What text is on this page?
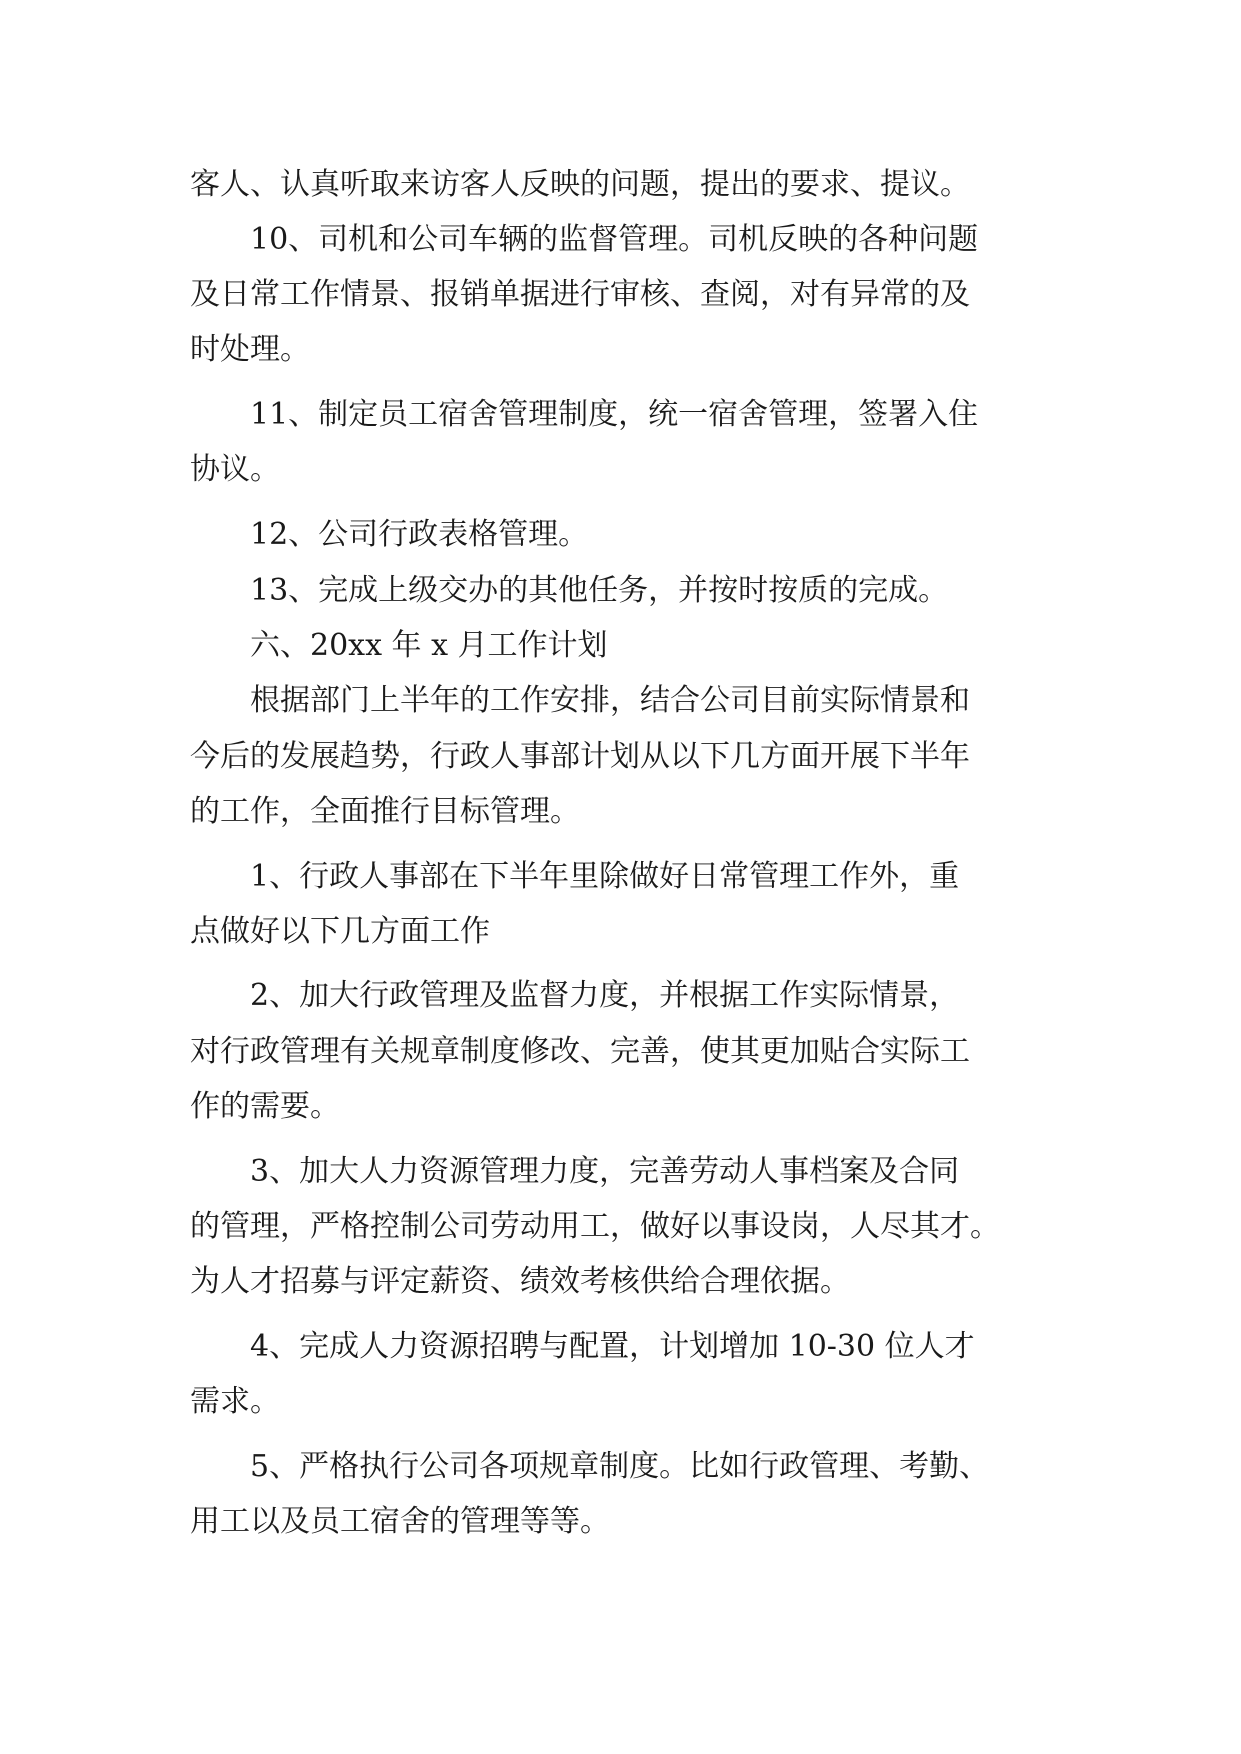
客人、认真听取来访客人反映的问题，提出的要求、提议。
10、司机和公司车辆的监督管理。司机反映的各种问题
及日常工作情景、报销单据进行审核、查阅，对有异常的及
时处理。
11、制定员工宿舍管理制度，统一宿舍管理，签署入住
协议。
12、公司行政表格管理。
13、完成上级交办的其他任务，并按时按质的完成。
六、20xx 年 x 月工作计划
根据部门上半年的工作安排，结合公司目前实际情景和
今后的发展趋势，行政人事部计划从以下几方面开展下半年
的工作，全面推行目标管理。
1、行政人事部在下半年里除做好日常管理工作外，重
点做好以下几方面工作
2、加大行政管理及监督力度，并根据工作实际情景，
对行政管理有关规章制度修改、完善，使其更加贴合实际工
作的需要。
3、加大人力资源管理力度，完善劳动人事档案及合同
的管理，严格控制公司劳动用工，做好以事设岗，人尽其才。
为人才招募与评定薪资、绩效考核供给合理依据。
4、完成人力资源招聘与配置，计划增加 10-30 位人才
需求。
5、严格执行公司各项规章制度。比如行政管理、考勤、
用工以及员工宿舍的管理等等。
